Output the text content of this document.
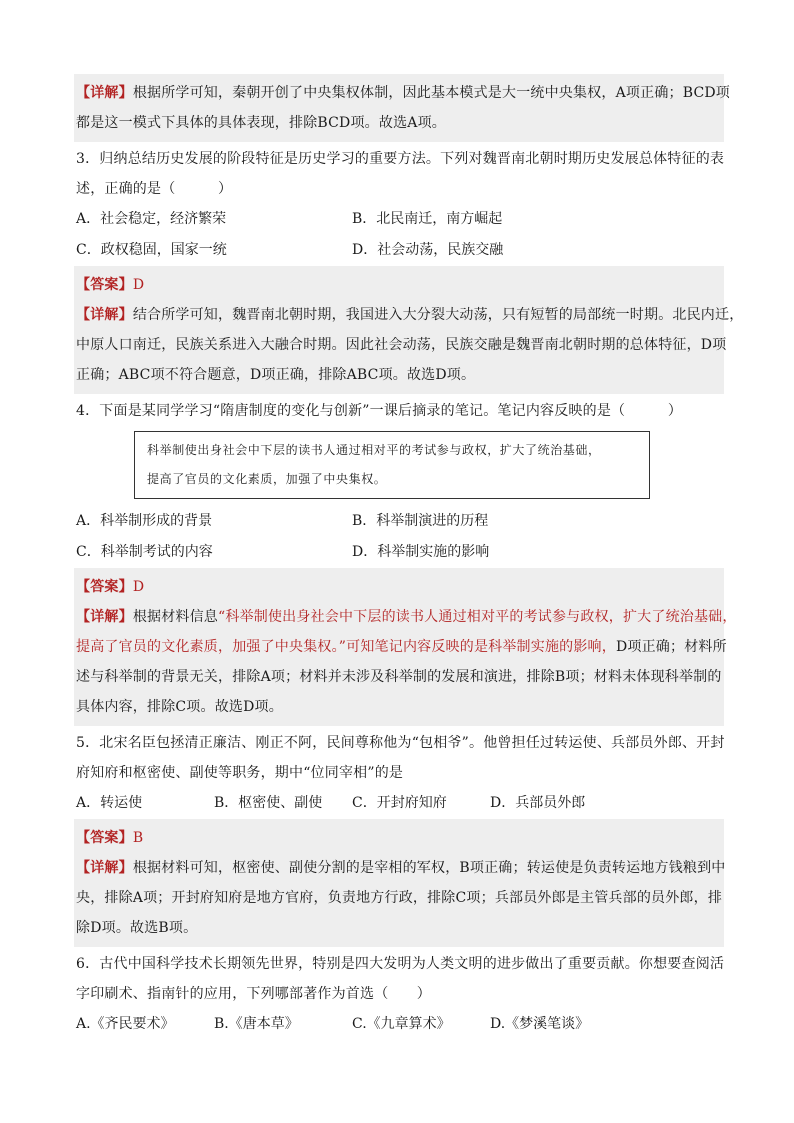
【详解】根据所学可知，秦朝开创了中央集权体制，因此基本模式是大一统中央集权，A项正确；BCD项
都是这一模式下具体的具体表现，排除BCD项。故选A项。
3．归纳总结历史发展的阶段特征是历史学习的重要方法。下列对魏晋南北朝时期历史发展总体特征的表
述，正确的是（　　　）
A．社会稳定，经济繁荣	B．北民南迁，南方崛起
C．政权稳固，国家一统	D．社会动荡，民族交融
【答案】D
【详解】结合所学可知，魏晋南北朝时期，我国进入大分裂大动荡，只有短暂的局部统一时期。北民内迁，
中原人口南迁，民族关系进入大融合时期。因此社会动荡，民族交融是魏晋南北朝时期的总体特征，D项
正确；ABC项不符合题意，D项正确，排除ABC项。故选D项。
4．下面是某同学学习“隋唐制度的变化与创新”一课后摘录的笔记。笔记内容反映的是（　　　）
科举制使出身社会中下层的读书人通过相对平的考试参与政权，扩大了统治基础，
提高了官员的文化素质，加强了中央集权。
A．科举制形成的背景	B．科举制演进的历程
C．科举制考试的内容	D．科举制实施的影响
【答案】D
【详解】根据材料信息“科举制使出身社会中下层的读书人通过相对平的考试参与政权，扩大了统治基础，
提高了官员的文化素质，加强了中央集权。”可知笔记内容反映的是科举制实施的影响，D项正确；材料所
述与科举制的背景无关，排除A项；材料并未涉及科举制的发展和演进，排除B项；材料未体现科举制的
具体内容，排除C项。故选D项。
5．北宋名臣包拯清正廉洁、刚正不阿，民间尊称他为“包相爷”。他曾担任过转运使、兵部员外郎、开封
府知府和枢密使、副使等职务，期中“位同宰相”的是
A．转运使	B．枢密使、副使	C．开封府知府	D．兵部员外郎
【答案】B
【详解】根据材料可知，枢密使、副使分割的是宰相的军权，B项正确；转运使是负责转运地方钱粮到中
央，排除A项；开封府知府是地方官府，负责地方行政，排除C项；兵部员外郎是主管兵部的员外郎，排
除D项。故选B项。
6．古代中国科学技术长期领先世界，特别是四大发明为人类文明的进步做出了重要贡献。你想要查阅活
字印刷术、指南针的应用，下列哪部著作为首选（　　）
A.《齐民要术》	B.《唐本草》	C.《九章算术》	D.《梦溪笔谈》
